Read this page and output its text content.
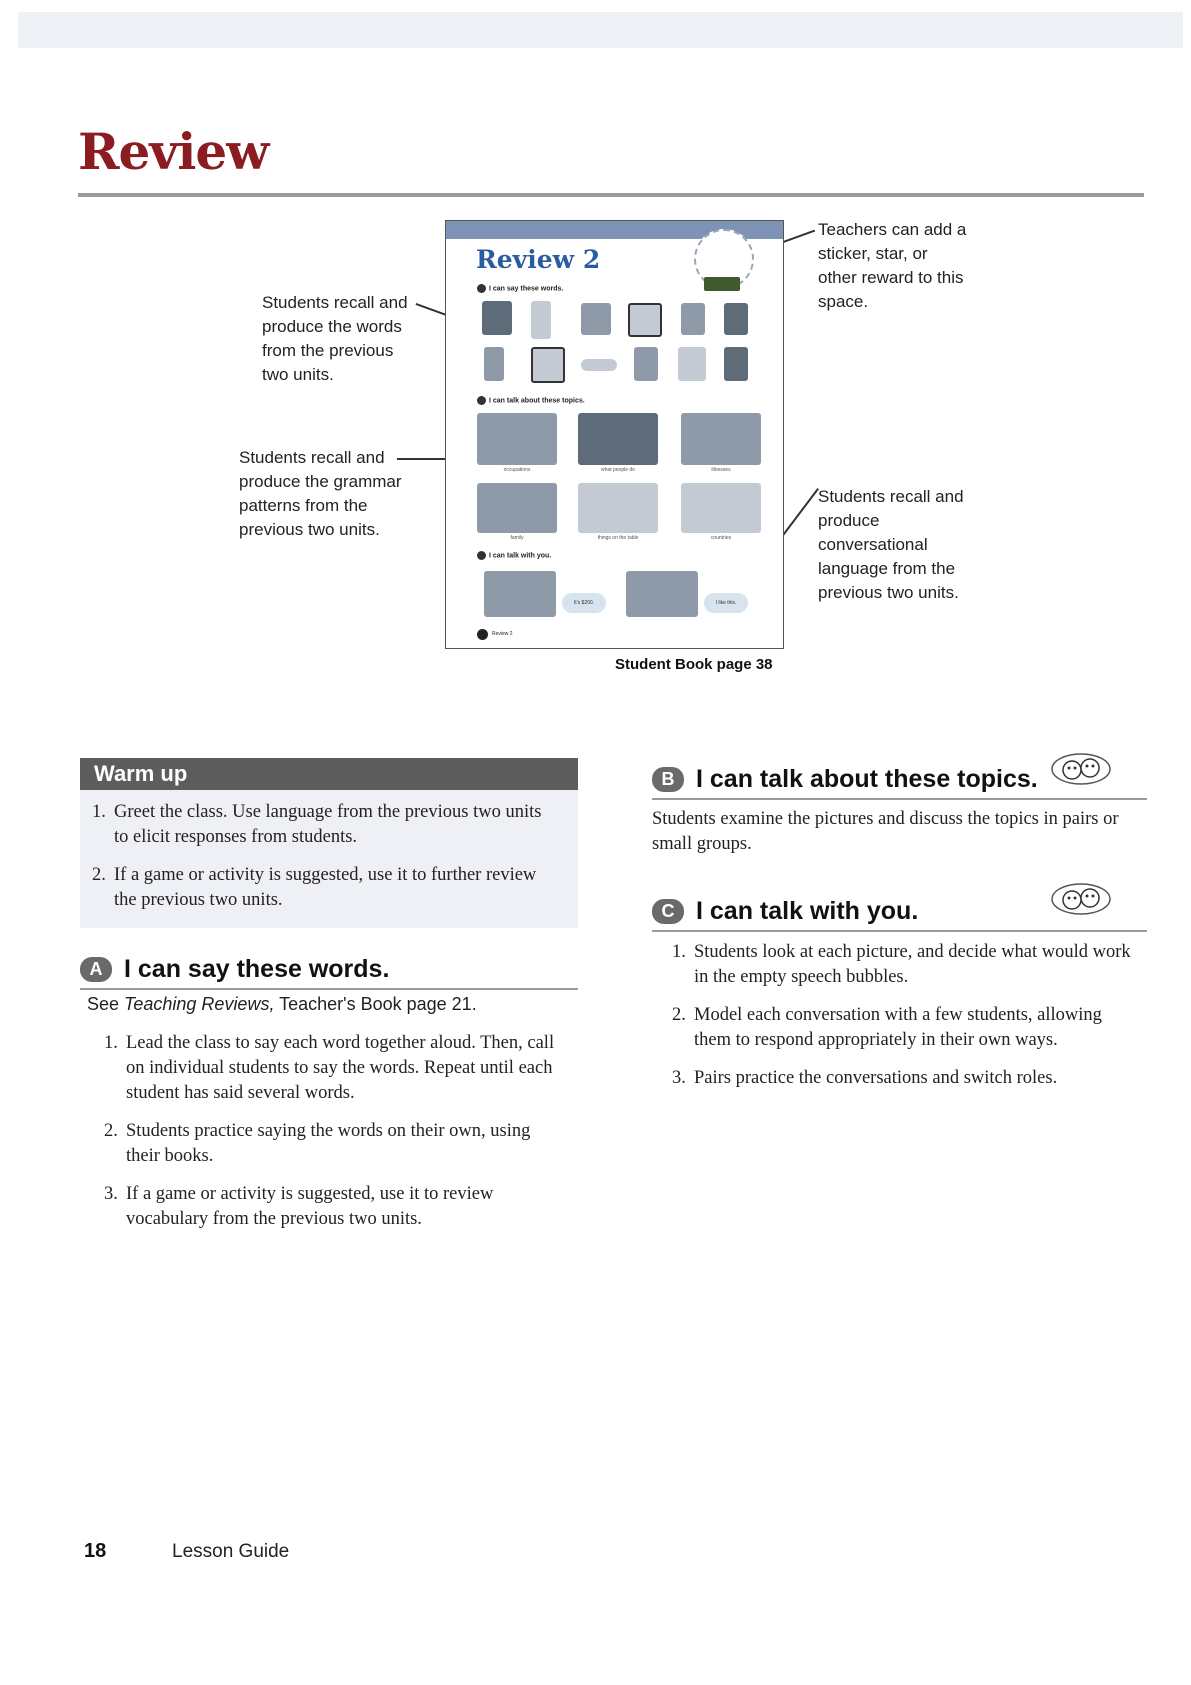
Review
Students recall and produce the words from the previous two units.
Students recall and produce the grammar patterns from the previous two units.
Teachers can add a sticker, star, or other reward to this space.
Students recall and produce conversational language from the previous two units.
Review 2
I can say these words.
I can talk about these topics.
occupations	what people do	illnesses
family	things on the table	countries
I can talk with you.
It's $200.	I like this.
Review 2
Student Book page 38
Warm up
1. Greet the class. Use language from the previous two units to elicit responses from students.
2. If a game or activity is suggested, use it to further review the previous two units.
A I can say these words.
See Teaching Reviews, Teacher's Book page 21.
1. Lead the class to say each word together aloud. Then, call on individual students to say the words. Repeat until each student has said several words.
2. Students practice saying the words on their own, using their books.
3. If a game or activity is suggested, use it to review vocabulary from the previous two units.
B I can talk about these topics.
Students examine the pictures and discuss the topics in pairs or small groups.
C I can talk with you.
1. Students look at each picture, and decide what would work in the empty speech bubbles.
2. Model each conversation with a few students, allowing them to respond appropriately in their own ways.
3. Pairs practice the conversations and switch roles.
18	Lesson Guide
